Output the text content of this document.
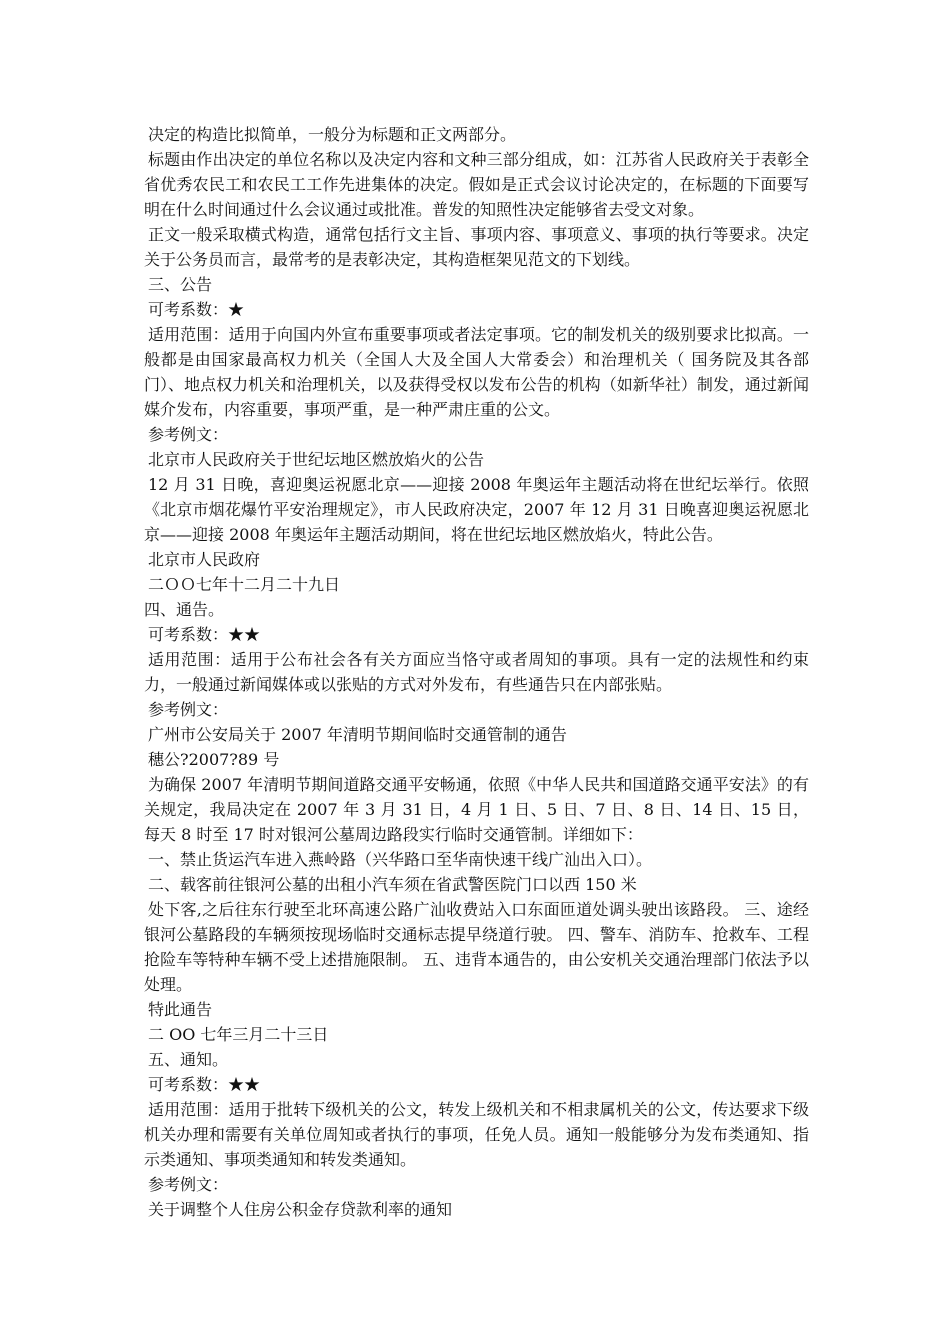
决定的构造比拟简单，一般分为标题和正文两部分。

标题由作出决定的单位名称以及决定内容和文种三部分组成，如：江苏省人民政府关于表彰全省优秀农民工和农民工工作先进集体的决定。假如是正式会议讨论决定的，在标题的下面要写明在什么时间通过什么会议通过或批准。普发的知照性决定能够省去受文对象。

正文一般采取横式构造，通常包括行文主旨、事项内容、事项意义、事项的执行等要求。决定关于公务员而言，最常考的是表彰决定，其构造框架见范文的下划线。

三、公告

可考系数：★

适用范围：适用于向国内外宣布重要事项或者法定事项。它的制发机关的级别要求比拟高。一般都是由国家最高权力机关（全国人大及全国人大常委会）和治理机关（ 国务院及其各部门）、地点权力机关和治理机关，以及获得受权以发布公告的机构（如新华社）制发，通过新闻媒介发布，内容重要，事项严重，是一种严肃庄重的公文。

参考例文：

北京市人民政府关于世纪坛地区燃放焰火的公告

12 月 31 日晚，喜迎奥运祝愿北京——迎接 2008 年奥运年主题活动将在世纪坛举行。依照《北京市烟花爆竹平安治理规定》，市人民政府决定，2007 年 12 月 31 日晚喜迎奥运祝愿北京——迎接 2008 年奥运年主题活动期间，将在世纪坛地区燃放焰火，特此公告。

北京市人民政府

二ＯＯ七年十二月二十九日

四、通告。

可考系数：★★

适用范围：适用于公布社会各有关方面应当恪守或者周知的事项。具有一定的法规性和约束力，一般通过新闻媒体或以张贴的方式对外发布，有些通告只在内部张贴。

参考例文：

广州市公安局关于 2007 年清明节期间临时交通管制的通告

穗公?2007?89 号

为确保 2007 年清明节期间道路交通平安畅通，依照《中华人民共和国道路交通平安法》的有关规定，我局决定在 2007 年 3 月 31 日，4 月 1 日、5 日、7 日、8 日、14 日、15 日，每天 8 时至 17 时对银河公墓周边路段实行临时交通管制。详细如下：

一、禁止货运汽车进入燕岭路（兴华路口至华南快速干线广汕出入口）。

二、载客前往银河公墓的出租小汽车须在省武警医院门口以西 150 米

处下客,之后往东行驶至北环高速公路广汕收费站入口东面匝道处调头驶出该路段。 三、途经银河公墓路段的车辆须按现场临时交通标志提早绕道行驶。 四、警车、消防车、抢救车、工程抢险车等特种车辆不受上述措施限制。 五、违背本通告的，由公安机关交通治理部门依法予以处理。

特此通告

二 OO 七年三月二十三日

五、通知。

可考系数：★★

适用范围：适用于批转下级机关的公文，转发上级机关和不相隶属机关的公文，传达要求下级机关办理和需要有关单位周知或者执行的事项，任免人员。通知一般能够分为发布类通知、指示类通知、事项类通知和转发类通知。

参考例文：

关于调整个人住房公积金存贷款利率的通知
